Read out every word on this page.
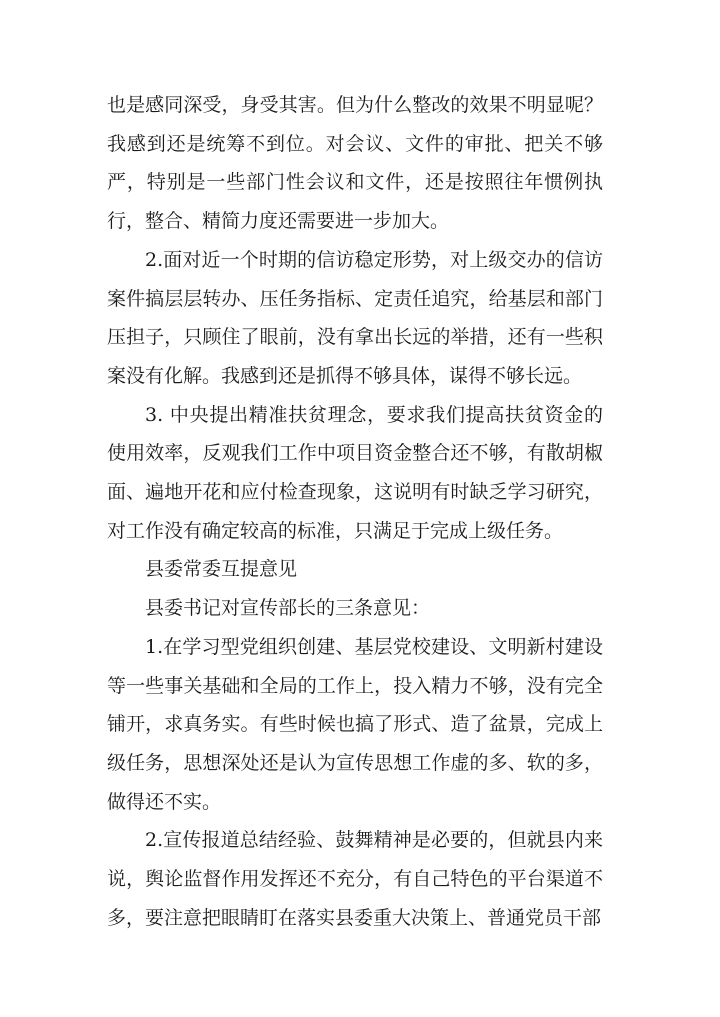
也是感同深受，身受其害。但为什么整改的效果不明显呢？我感到还是统筹不到位。对会议、文件的审批、把关不够严，特别是一些部门性会议和文件，还是按照往年惯例执行，整合、精简力度还需要进一步加大。

2.面对近一个时期的信访稳定形势，对上级交办的信访案件搞层层转办、压任务指标、定责任追究，给基层和部门压担子，只顾住了眼前，没有拿出长远的举措，还有一些积案没有化解。我感到还是抓得不够具体，谋得不够长远。

3. 中央提出精准扶贫理念，要求我们提高扶贫资金的使用效率，反观我们工作中项目资金整合还不够，有散胡椒面、遍地开花和应付检查现象，这说明有时缺乏学习研究，对工作没有确定较高的标准，只满足于完成上级任务。

县委常委互提意见

县委书记对宣传部长的三条意见：

1.在学习型党组织创建、基层党校建设、文明新村建设等一些事关基础和全局的工作上，投入精力不够，没有完全铺开，求真务实。有些时候也搞了形式、造了盆景，完成上级任务，思想深处还是认为宣传思想工作虚的多、软的多，做得还不实。

2.宣传报道总结经验、鼓舞精神是必要的，但就县内来说，舆论监督作用发挥还不充分，有自己特色的平台渠道不多，要注意把眼睛盯在落实县委重大决策上、普通党员干部
